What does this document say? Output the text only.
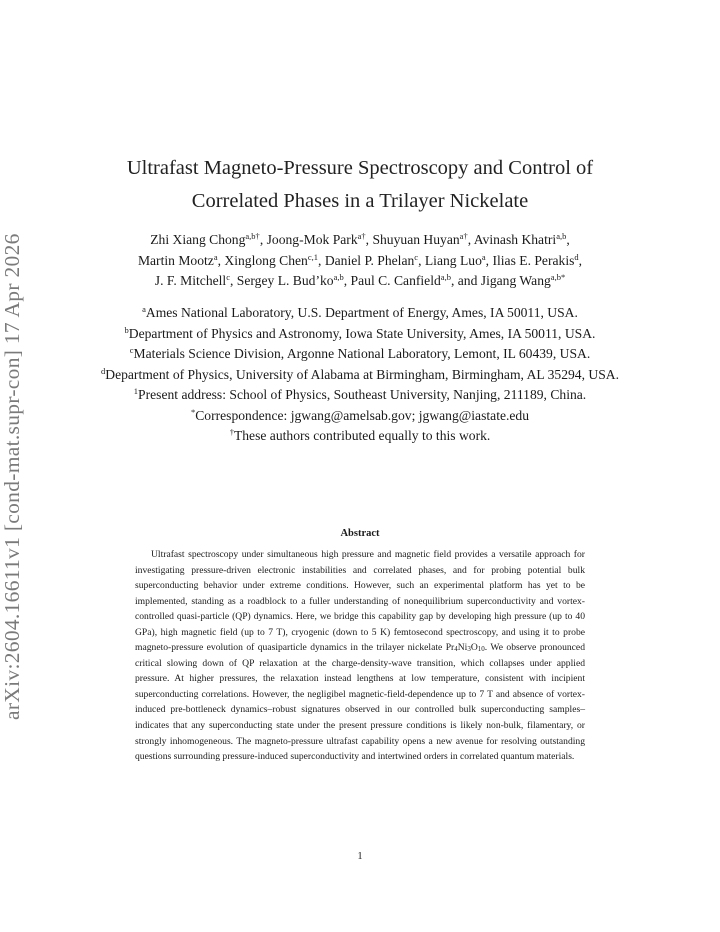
arXiv:2604.16611v1 [cond-mat.supr-con] 17 Apr 2026
Ultrafast Magneto-Pressure Spectroscopy and Control of Correlated Phases in a Trilayer Nickelate
Zhi Xiang Chong$^{a,b\dagger}$, Joong-Mok Park$^{a\dagger}$, Shuyuan Huyan$^{a\dagger}$, Avinash Khatri$^{a,b}$,
Martin Mootz$^a$, Xinglong Chen$^{c,1}$, Daniel P. Phelan$^c$, Liang Luo$^a$, Ilias E. Perakis$^d$,
J. F. Mitchell$^c$, Sergey L. Bud’ko$^{a,b}$, Paul C. Canfield$^{a,b}$, and Jigang Wang$^{a,b*}$
$^a$Ames National Laboratory, U.S. Department of Energy, Ames, IA 50011, USA.
$^b$Department of Physics and Astronomy, Iowa State University, Ames, IA 50011, USA.
$^c$Materials Science Division, Argonne National Laboratory, Lemont, IL 60439, USA.
$^d$Department of Physics, University of Alabama at Birmingham, Birmingham, AL 35294, USA.
$^1$Present address: School of Physics, Southeast University, Nanjing, 211189, China.
*Correspondence: jgwang@amelsab.gov; jgwang@iastate.edu
†These authors contributed equally to this work.
Abstract

Ultrafast spectroscopy under simultaneous high pressure and magnetic field provides a versatile approach for investigating pressure-driven electronic instabilities and correlated phases, and for probing potential bulk superconducting behavior under extreme conditions. However, such an experimental platform has yet to be implemented, standing as a roadblock to a fuller understanding of nonequilibrium superconductivity and vortex-controlled quasi-particle (QP) dynamics. Here, we bridge this capability gap by developing high pressure (up to 40 GPa), high magnetic field (up to 7 T), cryogenic (down to 5 K) femtosecond spectroscopy, and using it to probe magneto-pressure evolution of quasiparticle dynamics in the trilayer nickelate $Pr_4Ni_3O_{10}$. We observe pronounced critical slowing down of QP relaxation at the charge-density-wave transition, which collapses under applied pressure. At higher pressures, the relaxation instead lengthens at low temperature, consistent with incipient superconducting correlations. However, the negligibel magnetic-field-dependence up to 7 T and absence of vortex-induced pre-bottleneck dynamics–robust signatures observed in our controlled bulk superconducting samples–indicates that any superconducting state under the present pressure conditions is likely non-bulk, filamentary, or strongly inhomogeneous. The magneto-pressure ultrafast capability opens a new avenue for resolving outstanding questions surrounding pressure-induced superconductivity and intertwined orders in correlated quantum materials.

1
